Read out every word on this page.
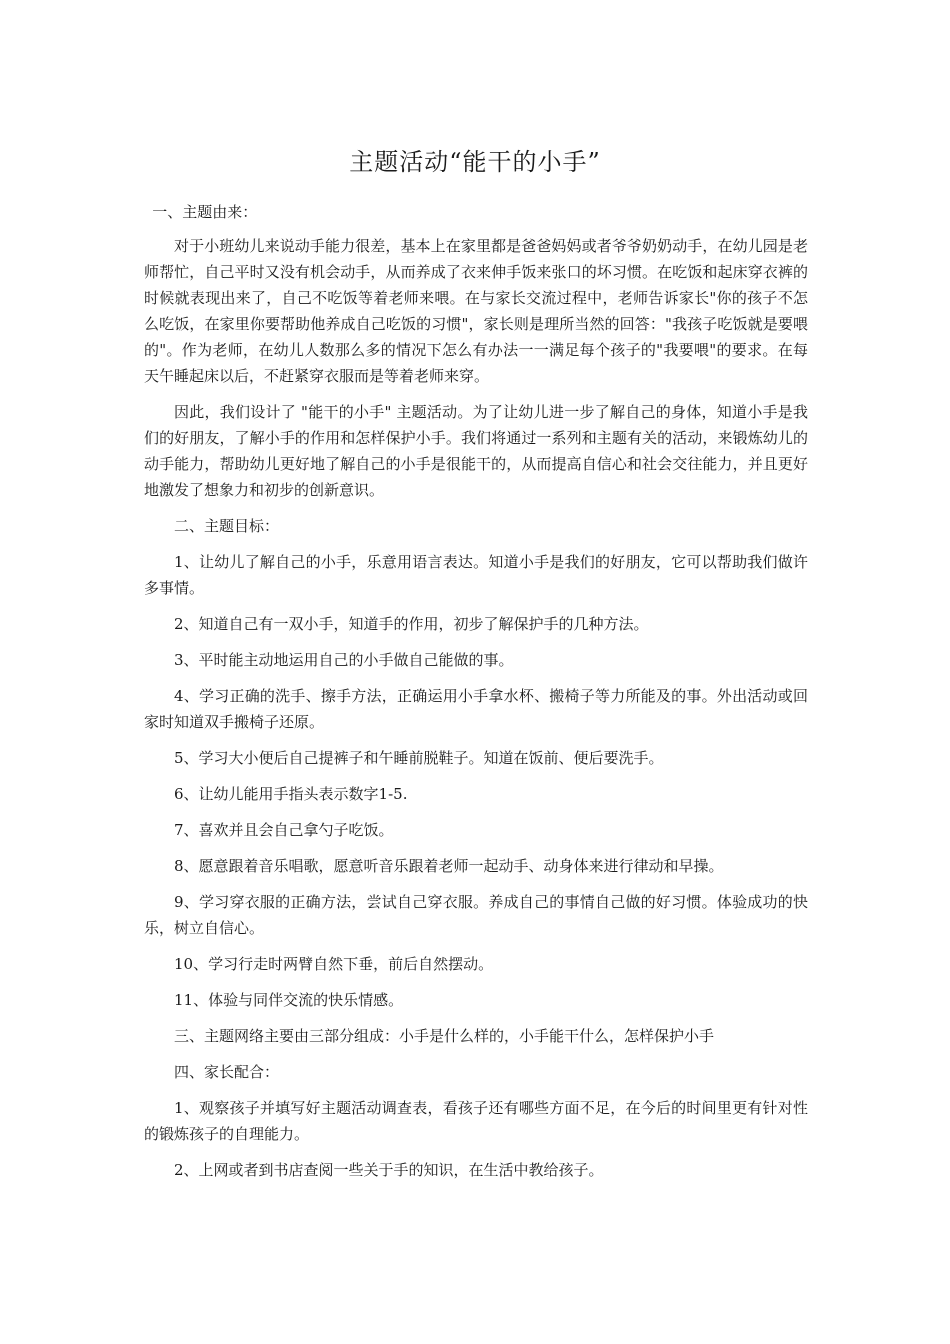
主题活动“能干的小手”

一、主题由来：

对于小班幼儿来说动手能力很差，基本上在家里都是爸爸妈妈或者爷爷奶奶动手，在幼儿园是老师帮忙，自己平时又没有机会动手，从而养成了衣来伸手饭来张口的坏习惯。在吃饭和起床穿衣裤的时候就表现出来了，自己不吃饭等着老师来喂。在与家长交流过程中，老师告诉家长"你的孩子不怎么吃饭，在家里你要帮助他养成自己吃饭的习惯"，家长则是理所当然的回答："我孩子吃饭就是要喂的"。作为老师，在幼儿人数那么多的情况下怎么有办法一一满足每个孩子的"我要喂"的要求。在每天午睡起床以后，不赶紧穿衣服而是等着老师来穿。

因此，我们设计了 "能干的小手" 主题活动。为了让幼儿进一步了解自己的身体，知道小手是我们的好朋友，了解小手的作用和怎样保护小手。我们将通过一系列和主题有关的活动，来锻炼幼儿的动手能力，帮助幼儿更好地了解自己的小手是很能干的，从而提高自信心和社会交往能力，并且更好地激发了想象力和初步的创新意识。

二、主题目标：

1、让幼儿了解自己的小手，乐意用语言表达。知道小手是我们的好朋友，它可以帮助我们做许多事情。

2、知道自己有一双小手，知道手的作用，初步了解保护手的几种方法。

3、平时能主动地运用自己的小手做自己能做的事。

4、学习正确的洗手、擦手方法，正确运用小手拿水杯、搬椅子等力所能及的事。外出活动或回家时知道双手搬椅子还原。

5、学习大小便后自己提裤子和午睡前脱鞋子。知道在饭前、便后要洗手。

6、让幼儿能用手指头表示数字1-5.

7、喜欢并且会自己拿勺子吃饭。

8、愿意跟着音乐唱歌，愿意听音乐跟着老师一起动手、动身体来进行律动和早操。

9、学习穿衣服的正确方法，尝试自己穿衣服。养成自己的事情自己做的好习惯。体验成功的快乐，树立自信心。

10、学习行走时两臂自然下垂，前后自然摆动。

11、体验与同伴交流的快乐情感。

三、主题网络主要由三部分组成：小手是什么样的，小手能干什么，怎样保护小手

四、家长配合：

1、观察孩子并填写好主题活动调查表，看孩子还有哪些方面不足，在今后的时间里更有针对性的锻炼孩子的自理能力。

2、上网或者到书店查阅一些关于手的知识，在生活中教给孩子。
